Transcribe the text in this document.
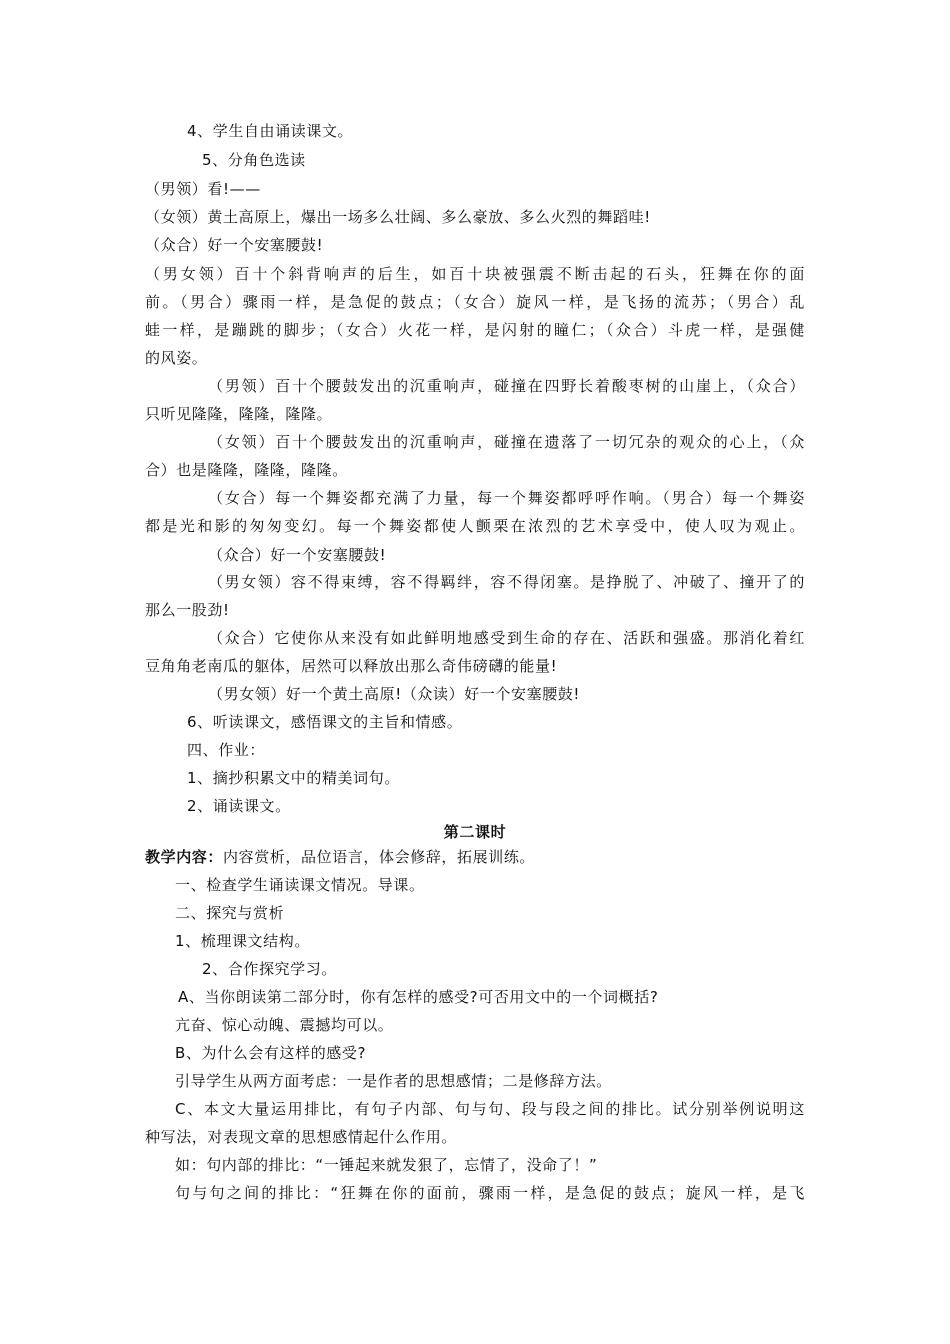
4、学生自由诵读课文。
5、分角色选读
（男领）看!——
（女领）黄土高原上，爆出一场多么壮阔、多么豪放、多么火烈的舞蹈哇!
（众合）好一个安塞腰鼓!
（男女领）百十个斜背响声的后生，如百十块被强震不断击起的石头，狂舞在你的面
前。（男合）骤雨一样，是急促的鼓点；（女合）旋风一样，是飞扬的流苏；（男合）乱
蛙一样，是蹦跳的脚步；（女合）火花一样，是闪射的瞳仁；（众合）斗虎一样，是强健
的风姿。
（男领）百十个腰鼓发出的沉重响声，碰撞在四野长着酸枣树的山崖上，（众合）
只听见隆隆，隆隆，隆隆。
（女领）百十个腰鼓发出的沉重响声，碰撞在遗落了一切冗杂的观众的心上，（众
合）也是隆隆，隆隆，隆隆。
（女合）每一个舞姿都充满了力量，每一个舞姿都呼呼作响。（男合）每一个舞姿
都是光和影的匆匆变幻。每一个舞姿都使人颤栗在浓烈的艺术享受中，使人叹为观止。
（众合）好一个安塞腰鼓!
（男女领）容不得束缚，容不得羁绊，容不得闭塞。是挣脱了、冲破了、撞开了的
那么一股劲!
（众合）它使你从来没有如此鲜明地感受到生命的存在、活跃和强盛。那消化着红
豆角角老南瓜的躯体，居然可以释放出那么奇伟磅礴的能量!
（男女领）好一个黄土高原!（众读）好一个安塞腰鼓!
6、听读课文，感悟课文的主旨和情感。
四、作业：
1、摘抄积累文中的精美词句。
2、诵读课文。
第二课时
教学内容：内容赏析，品位语言，体会修辞，拓展训练。
一、检查学生诵读课文情况。导课。
二、探究与赏析
1、梳理课文结构。
2、合作探究学习。
A、当你朗读第二部分时，你有怎样的感受?可否用文中的一个词概括?
亢奋、惊心动魄、震撼均可以。
B、为什么会有这样的感受?
引导学生从两方面考虑：一是作者的思想感情；二是修辞方法。
C、本文大量运用排比，有句子内部、句与句、段与段之间的排比。试分别举例说明这
种写法，对表现文章的思想感情起什么作用。
如：句内部的排比：“一锤起来就发狠了，忘情了，没命了！”
句与句之间的排比：“狂舞在你的面前，骤雨一样，是急促的鼓点；旋风一样，是飞
